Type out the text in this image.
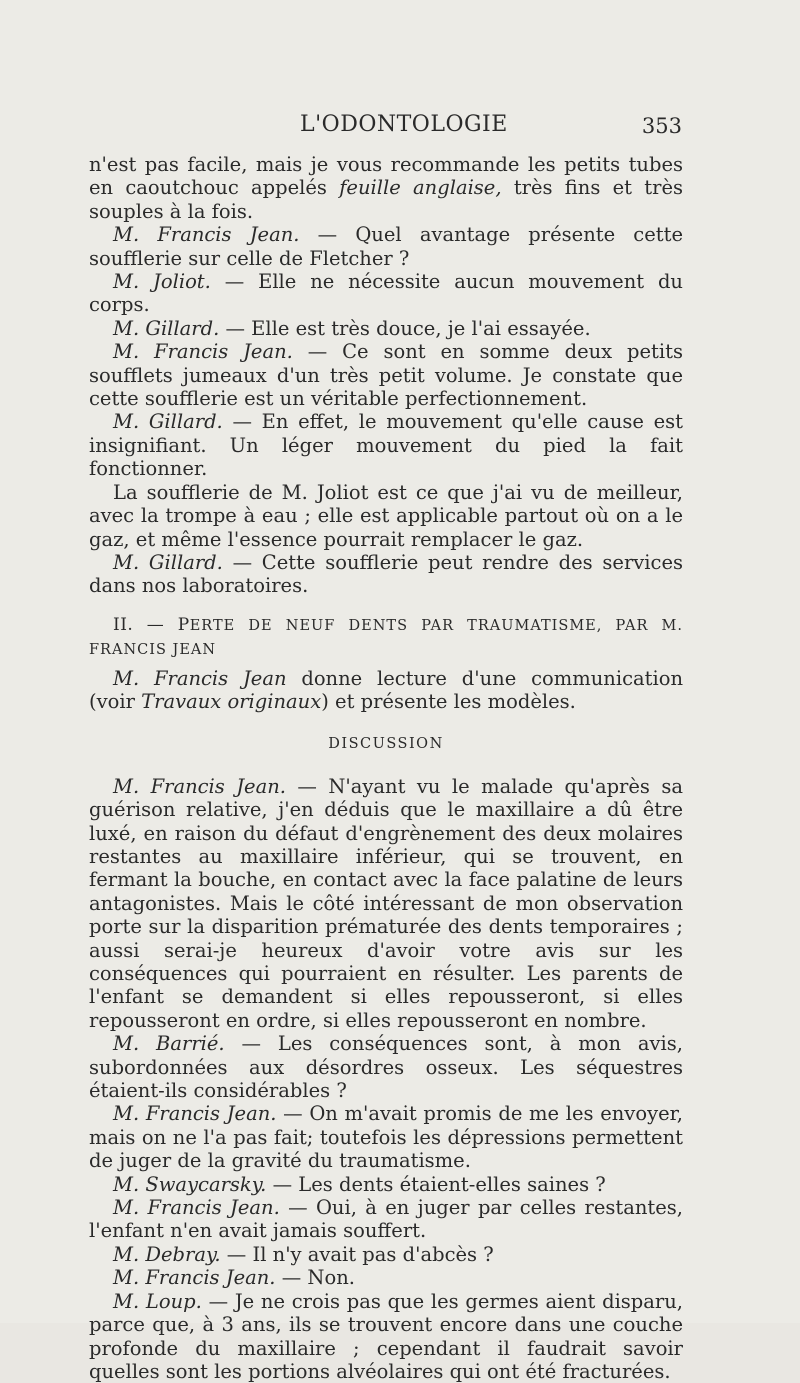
L'ODONTOLOGIE	353

n'est pas facile, mais je vous recommande les petits tubes en caoutchouc appelés feuille anglaise, très fins et très souples à la fois.

M. Francis Jean. — Quel avantage présente cette soufflerie sur celle de Fletcher ?

M. Joliot. — Elle ne nécessite aucun mouvement du corps.

M. Gillard. — Elle est très douce, je l'ai essayée.

M. Francis Jean. — Ce sont en somme deux petits soufflets jumeaux d'un très petit volume. Je constate que cette soufflerie est un véritable perfectionnement.

M. Gillard. — En effet, le mouvement qu'elle cause est insignifiant. Un léger mouvement du pied la fait fonctionner.

La soufflerie de M. Joliot est ce que j'ai vu de meilleur, avec la trompe à eau ; elle est applicable partout où on a le gaz, et même l'essence pourrait remplacer le gaz.

M. Gillard. — Cette soufflerie peut rendre des services dans nos laboratoires.

II. — PERTE DE NEUF DENTS PAR TRAUMATISME, PAR M. FRANCIS JEAN

M. Francis Jean donne lecture d'une communication (voir Travaux originaux) et présente les modèles.

DISCUSSION

M. Francis Jean. — N'ayant vu le malade qu'après sa guérison relative, j'en déduis que le maxillaire a dû être luxé, en raison du défaut d'engrènement des deux molaires restantes au maxillaire inférieur, qui se trouvent, en fermant la bouche, en contact avec la face palatine de leurs antagonistes. Mais le côté intéressant de mon observation porte sur la disparition prématurée des dents temporaires ; aussi serai-je heureux d'avoir votre avis sur les conséquences qui pourraient en résulter. Les parents de l'enfant se demandent si elles repousseront, si elles repousseront en ordre, si elles repousseront en nombre.

M. Barrié. — Les conséquences sont, à mon avis, subordonnées aux désordres osseux. Les séquestres étaient-ils considérables ?

M. Francis Jean. — On m'avait promis de me les envoyer, mais on ne l'a pas fait; toutefois les dépressions permettent de juger de la gravité du traumatisme.

M. Swaycarsky. — Les dents étaient-elles saines ?

M. Francis Jean. — Oui, à en juger par celles restantes, l'enfant n'en avait jamais souffert.

M. Debray. — Il n'y avait pas d'abcès ?

M. Francis Jean. — Non.

M. Loup. — Je ne crois pas que les germes aient disparu, parce que, à 3 ans, ils se trouvent encore dans une couche profonde du maxillaire ; cependant il faudrait savoir quelles sont les portions alvéolaires qui ont été fracturées.
